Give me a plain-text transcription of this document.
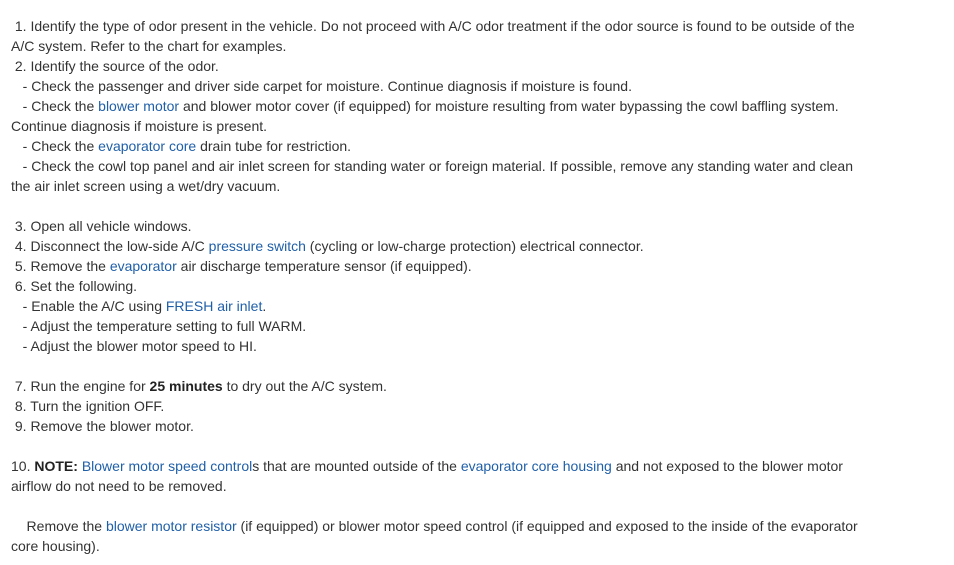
1. Identify the type of odor present in the vehicle. Do not proceed with A/C odor treatment if the odor source is found to be outside of the
A/C system. Refer to the chart for examples.
2. Identify the source of the odor.
- Check the passenger and driver side carpet for moisture. Continue diagnosis if moisture is found.
- Check the blower motor and blower motor cover (if equipped) for moisture resulting from water bypassing the cowl baffling system.
Continue diagnosis if moisture is present.
- Check the evaporator core drain tube for restriction.
- Check the cowl top panel and air inlet screen for standing water or foreign material. If possible, remove any standing water and clean
the air inlet screen using a wet/dry vacuum.
3. Open all vehicle windows.
4. Disconnect the low-side A/C pressure switch (cycling or low-charge protection) electrical connector.
5. Remove the evaporator air discharge temperature sensor (if equipped).
6. Set the following.
- Enable the A/C using FRESH air inlet.
- Adjust the temperature setting to full WARM.
- Adjust the blower motor speed to HI.
7. Run the engine for 25 minutes to dry out the A/C system.
8. Turn the ignition OFF.
9. Remove the blower motor.
10. NOTE: Blower motor speed controls that are mounted outside of the evaporator core housing and not exposed to the blower motor
airflow do not need to be removed.
Remove the blower motor resistor (if equipped) or blower motor speed control (if equipped and exposed to the inside of the evaporator
core housing).
